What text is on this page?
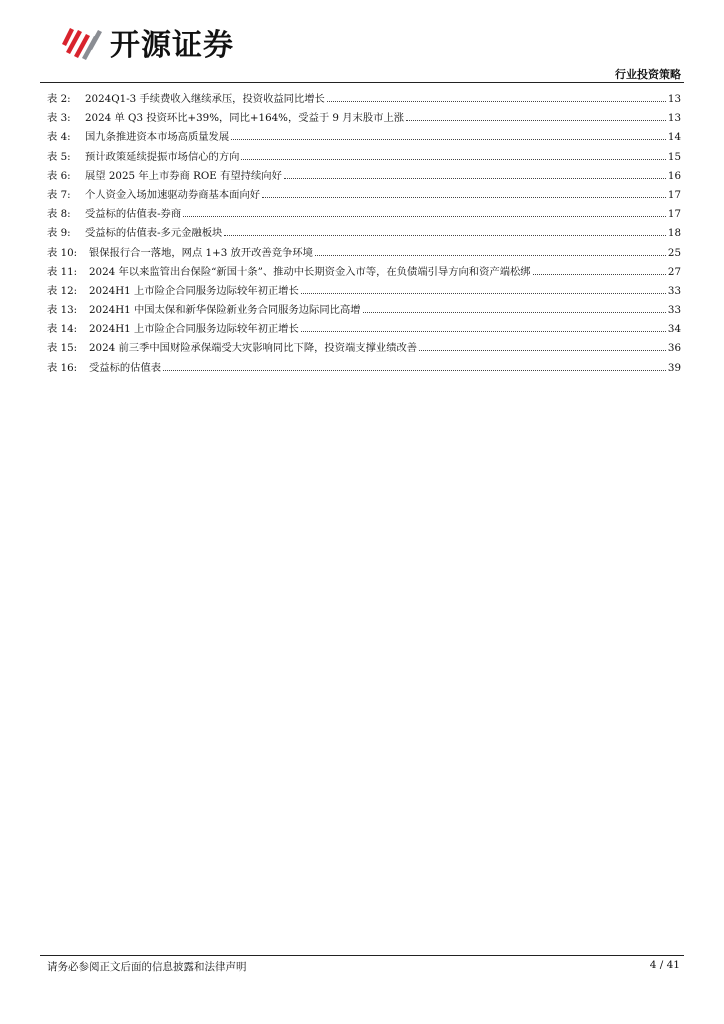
开源证券
行业投资策略
表 2:	2024Q1-3 手续费收入继续承压，投资收益同比增长	13
表 3:	2024 单 Q3 投资环比+39%，同比+164%，受益于 9 月末股市上涨	13
表 4:	国九条推进资本市场高质量发展	14
表 5:	预计政策延续提振市场信心的方向	15
表 6:	展望 2025 年上市券商 ROE 有望持续向好	16
表 7:	个人资金入场加速驱动券商基本面向好	17
表 8:	受益标的估值表-券商	17
表 9:	受益标的估值表-多元金融板块	18
表 10:	银保报行合一落地，网点 1+3 放开改善竞争环境	25
表 11:	2024 年以来监管出台保险“新国十条”、推动中长期资金入市等，在负债端引导方向和资产端松绑	27
表 12:	2024H1 上市险企合同服务边际较年初正增长	33
表 13:	2024H1 中国太保和新华保险新业务合同服务边际同比高增	33
表 14:	2024H1 上市险企合同服务边际较年初正增长	34
表 15:	2024 前三季中国财险承保端受大灾影响同比下降，投资端支撑业绩改善	36
表 16:	受益标的估值表	39
请务必参阅正文后面的信息披露和法律声明	4 / 41
